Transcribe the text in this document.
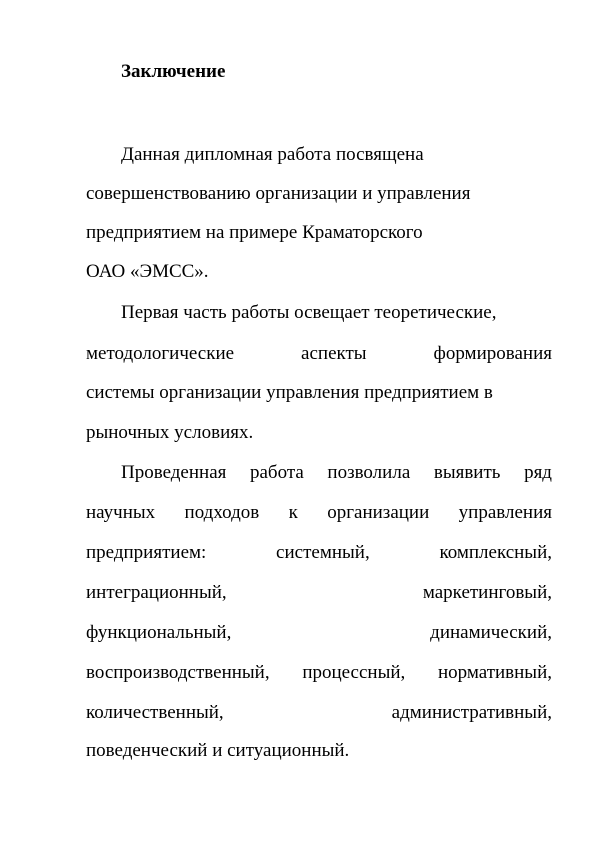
Заключение
Данная дипломная работа посвящена
совершенствованию организации и управления
предприятием на примере Краматорского
ОАО «ЭМСС».
Первая часть работы освещает теоретические,
методологические	аспекты	формирования
системы организации управления предприятием в
рыночных условиях.
Проведенная работа позволила выявить ряд
научных подходов к организации управления
предприятием:	системный,	комплексный,
интеграционный,	маркетинговый,
функциональный,	динамический,
воспроизводственный, процессный, нормативный,
количественный,	административный,
поведенческий и ситуационный.
